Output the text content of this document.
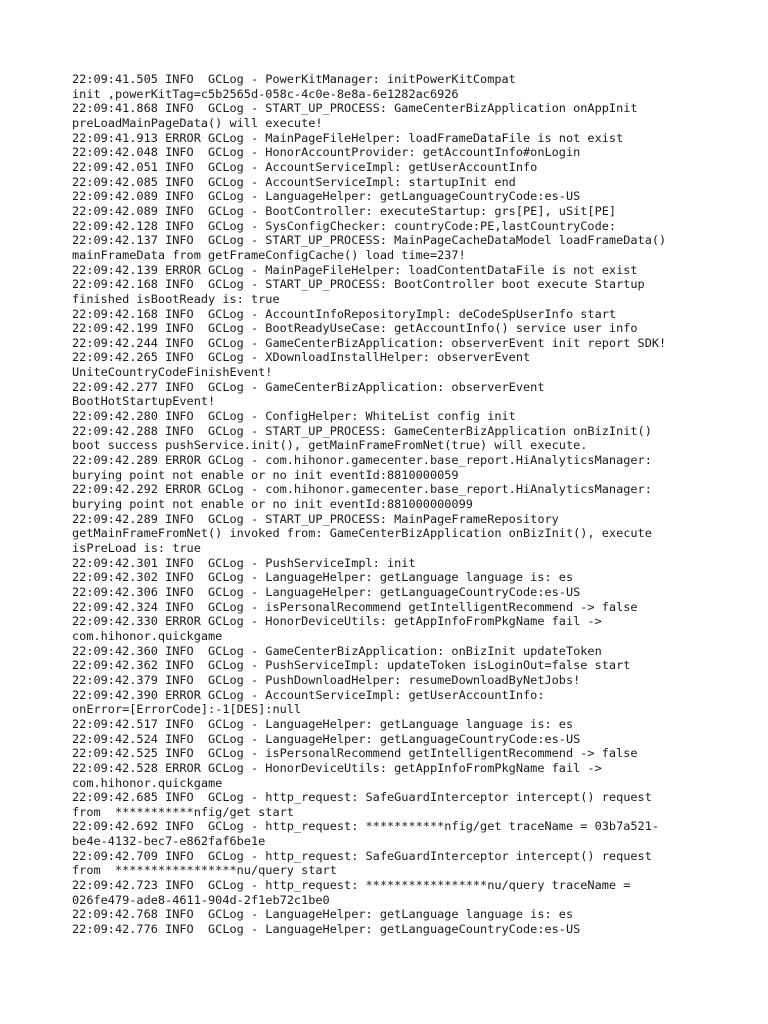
22:09:41.505 INFO  GCLog - PowerKitManager: initPowerKitCompat
init ,powerKitTag=c5b2565d-058c-4c0e-8e8a-6e1282ac6926
22:09:41.868 INFO  GCLog - START_UP_PROCESS: GameCenterBizApplication onAppInit
preLoadMainPageData() will execute!
22:09:41.913 ERROR GCLog - MainPageFileHelper: loadFrameDataFile is not exist
22:09:42.048 INFO  GCLog - HonorAccountProvider: getAccountInfo#onLogin
22:09:42.051 INFO  GCLog - AccountServiceImpl: getUserAccountInfo
22:09:42.085 INFO  GCLog - AccountServiceImpl: startupInit end
22:09:42.089 INFO  GCLog - LanguageHelper: getLanguageCountryCode:es-US
22:09:42.089 INFO  GCLog - BootController: executeStartup: grs[PE], uSit[PE]
22:09:42.128 INFO  GCLog - SysConfigChecker: countryCode:PE,lastCountryCode:
22:09:42.137 INFO  GCLog - START_UP_PROCESS: MainPageCacheDataModel loadFrameData()
mainFrameData from getFrameConfigCache() load time=237!
22:09:42.139 ERROR GCLog - MainPageFileHelper: loadContentDataFile is not exist
22:09:42.168 INFO  GCLog - START_UP_PROCESS: BootController boot execute Startup
finished isBootReady is: true
22:09:42.168 INFO  GCLog - AccountInfoRepositoryImpl: deCodeSpUserInfo start
22:09:42.199 INFO  GCLog - BootReadyUseCase: getAccountInfo() service user info
22:09:42.244 INFO  GCLog - GameCenterBizApplication: observerEvent init report SDK!
22:09:42.265 INFO  GCLog - XDownloadInstallHelper: observerEvent
UniteCountryCodeFinishEvent!
22:09:42.277 INFO  GCLog - GameCenterBizApplication: observerEvent
BootHotStartupEvent!
22:09:42.280 INFO  GCLog - ConfigHelper: WhiteList config init
22:09:42.288 INFO  GCLog - START_UP_PROCESS: GameCenterBizApplication onBizInit()
boot success pushService.init(), getMainFrameFromNet(true) will execute.
22:09:42.289 ERROR GCLog - com.hihonor.gamecenter.base_report.HiAnalyticsManager:
burying point not enable or no init eventId:8810000059
22:09:42.292 ERROR GCLog - com.hihonor.gamecenter.base_report.HiAnalyticsManager:
burying point not enable or no init eventId:881000000099
22:09:42.289 INFO  GCLog - START_UP_PROCESS: MainPageFrameRepository
getMainFrameFromNet() invoked from: GameCenterBizApplication onBizInit(), execute
isPreLoad is: true
22:09:42.301 INFO  GCLog - PushServiceImpl: init
22:09:42.302 INFO  GCLog - LanguageHelper: getLanguage language is: es
22:09:42.306 INFO  GCLog - LanguageHelper: getLanguageCountryCode:es-US
22:09:42.324 INFO  GCLog - isPersonalRecommend getIntelligentRecommend -> false
22:09:42.330 ERROR GCLog - HonorDeviceUtils: getAppInfoFromPkgName fail ->
com.hihonor.quickgame
22:09:42.360 INFO  GCLog - GameCenterBizApplication: onBizInit updateToken
22:09:42.362 INFO  GCLog - PushServiceImpl: updateToken isLoginOut=false start
22:09:42.379 INFO  GCLog - PushDownloadHelper: resumeDownloadByNetJobs!
22:09:42.390 ERROR GCLog - AccountServiceImpl: getUserAccountInfo:
onError=[ErrorCode]:-1[DES]:null
22:09:42.517 INFO  GCLog - LanguageHelper: getLanguage language is: es
22:09:42.524 INFO  GCLog - LanguageHelper: getLanguageCountryCode:es-US
22:09:42.525 INFO  GCLog - isPersonalRecommend getIntelligentRecommend -> false
22:09:42.528 ERROR GCLog - HonorDeviceUtils: getAppInfoFromPkgName fail ->
com.hihonor.quickgame
22:09:42.685 INFO  GCLog - http_request: SafeGuardInterceptor intercept() request
from  ***********nfig/get start
22:09:42.692 INFO  GCLog - http_request: ***********nfig/get traceName = 03b7a521-
be4e-4132-bec7-e862faf6be1e
22:09:42.709 INFO  GCLog - http_request: SafeGuardInterceptor intercept() request
from  *****************nu/query start
22:09:42.723 INFO  GCLog - http_request: *****************nu/query traceName =
026fe479-ade8-4611-904d-2f1eb72c1be0
22:09:42.768 INFO  GCLog - LanguageHelper: getLanguage language is: es
22:09:42.776 INFO  GCLog - LanguageHelper: getLanguageCountryCode:es-US
